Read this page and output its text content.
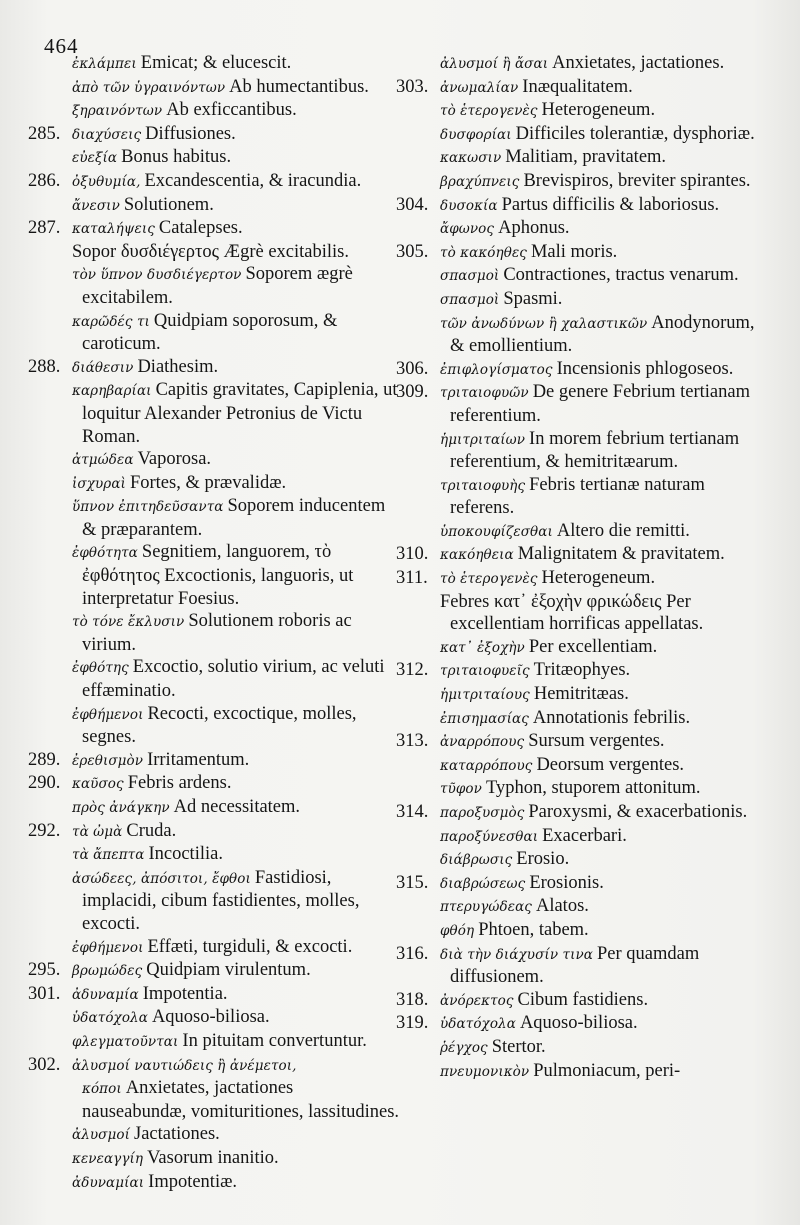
464
ἐκλάμπει Emicat; & elucescit.
ἀπὸ τῶν ὑγραινόντων Ab humectantibus.
ξηραινόντων Ab exficcantibus.
285. διαχύσεις Diffusiones.
εὐεξία Bonus habitus.
286. ὀξυθυμία, Excandescentia, & iracundia.
ἄνεσιν Solutionem.
287. καταλήψεις Catalepses.
Sopor δυσδιέγερτος Ægrè excitabilis.
τὸν ὕπνον δυσδιέγερτον Soporem ægrè excitabilem.
καρῶδές τι Quidpiam soporosum, & caroticum.
288. διάθεσιν Diathesim.
καρηβαρίαι Capitis gravitates, Capiplenia, ut loquitur Alexander Petronius de Victu Roman.
ἀτμώδεα Vaporosa.
ἰσχυραὶ Fortes, & prævalidæ.
ὕπνον ἐπιτηδεῦσαντα Soporem inducentem & præparantem.
ἐφθότητα Segnitiem, languorem, τὸ ἐφθότητος Excoctionis, languoris, ut interpretatur Foesius.
τὸ τόνε ἔκλυσιν Solutionem roboris ac virium.
ἐφθότης Excoctio, solutio virium, ac veluti effæminatio.
ἐφθήμενοι Recocti, excoctique, molles, segnes.
289. ἐρεθισμὸν Irritamentum.
290. καῦσος Febris ardens.
πρὸς ἀνάγκην Ad necessitatem.
292. τὰ ὠμὰ Cruda.
τὰ ἄπεπτα Incoctilia.
ἀσώδεες, ἀπόσιτοι, ἔφθοι Fastidiosi, implacidi, cibum fastidientes, molles, excocti.
ἐφθήμενοι Effæti, turgiduli, & excocti.
295. βρωμώδες Quidpiam virulentum.
301. ἀδυναμία Impotentia.
ὑδατόχολα Aquoso-biliosa.
φλεγματοῦνται In pituitam convertuntur.
302. ἀλυσμοί ναυτιώδεις ἢ ἀνέμετοι, κόποι Anxietates, jactationes nauseabundæ, vomituritiones, lassitudines.
ἀλυσμοί Jactationes.
κενεαγγίη Vasorum inanitio.
ἀδυναμίαι Impotentiæ.
ἀλυσμοί ἢ ἄσαι Anxietates, jactationes.
303. ἀνωμαλίαν Inæqualitatem.
τὸ ἑτερογενὲς Heterogeneum.
δυσφορίαι Difficiles tolerantiæ, dysphoriæ.
κακωσιν Malitiam, pravitatem.
βραχύπνεις Brevispiros, breviter spirantes.
304. δυσοκία Partus difficilis & laboriosus.
ἄφωνος Aphonus.
305. τὸ κακόηθες Mali moris.
σπασμοὶ Contractiones, tractus venarum.
σπασμοὶ Spasmi.
τῶν ἀνωδύνων ἢ χαλαστικῶν Anodynorum, & emollientium.
306. ἐπιφλογίσματος Incensionis phlogoseos.
309. τριταιοφυῶν De genere Febrium tertianam referentium.
ἡμιτριταίων In morem febrium tertianam referentium, & hemitritæarum.
τριταιοφυὴς Febris tertianæ naturam referens.
ὑποκουφίζεσθαι Altero die remitti.
310. κακόηθεια Malignitatem & pravitatem.
311. τὸ ἑτερογενὲς Heterogeneum.
Febres κατ᾽ ἐξοχὴν φρικώδεις Per excellentiam horrificas appellatas.
κατ᾽ ἐξοχὴν Per excellentiam.
312. τριταιοφυεῖς Tritæophyes.
ἡμιτριταίους Hemitritæas.
ἐπισημασίας Annotationis febrilis.
313. ἀναρρόπους Sursum vergentes.
καταρρόπους Deorsum vergentes.
τῦφον Typhon, stuporem attonitum.
314. παροξυσμὸς Paroxysmi, & exacerbationis.
παροξύνεσθαι Exacerbari.
διάβρωσις Erosio.
315. διαβρώσεως Erosionis.
πτερυγώδεας Alatos.
φθόη Phtoen, tabem.
316. διὰ τὴν διάχυσίν τινα Per quamdam diffusionem.
318. ἀνόρεκτος Cibum fastidiens.
319. ὑδατόχολα Aquoso-biliosa.
ῥέγχος Stertor.
πνευμονικὸν Pulmoniacum, peri-
